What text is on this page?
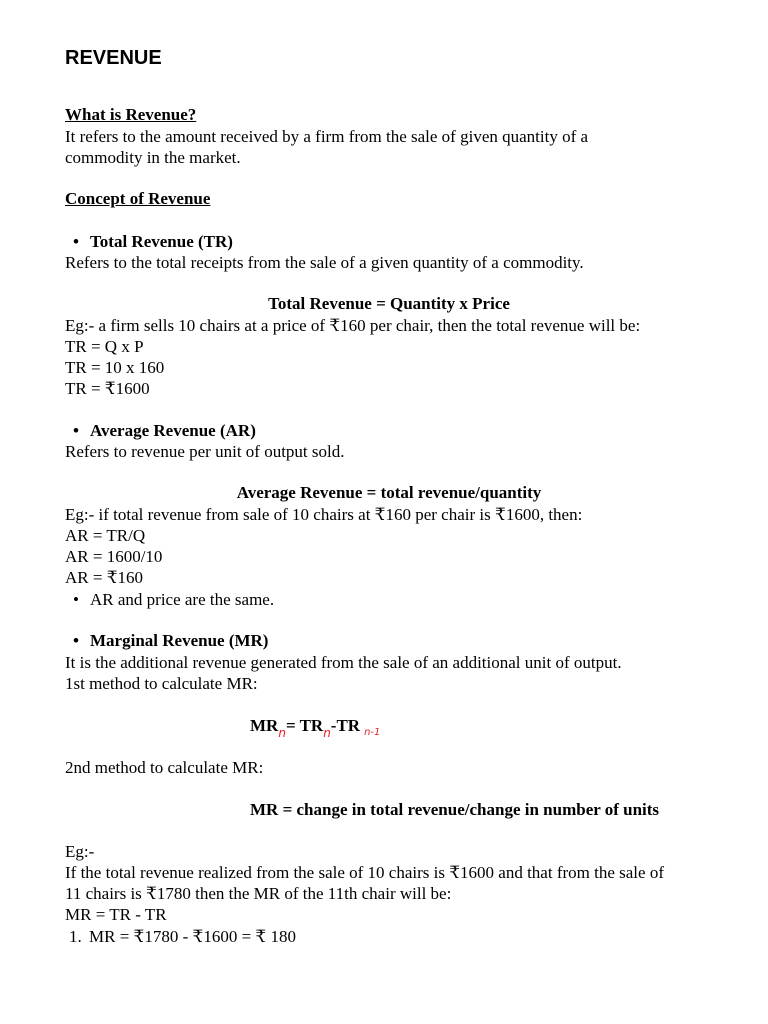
REVENUE
What is Revenue?
It refers to the amount received by a firm from the sale of given quantity of a
commodity in the market.
Concept of Revenue
• Total Revenue (TR)
Refers to the total receipts from the sale of a given quantity of a commodity.
Total Revenue = Quantity x Price
Eg:- a firm sells 10 chairs at a price of ₹160 per chair, then the total revenue will be:
TR = Q x P
TR = 10 x 160
TR = ₹1600
• Average Revenue (AR)
Refers to revenue per unit of output sold.
Average Revenue = total revenue/quantity
Eg:- if total revenue from sale of 10 chairs at ₹160 per chair is ₹1600, then:
AR = TR/Q
AR = 1600/10
AR = ₹160
• AR and price are the same.
• Marginal Revenue (MR)
It is the additional revenue generated from the sale of an additional unit of output.
1st method to calculate MR:
$MR_n= TR_n-TR$ $_{n-1}$
2nd method to calculate MR:
MR = change in total revenue/change in number of units
Eg:-
If the total revenue realized from the sale of 10 chairs is ₹1600 and that from the sale of
11 chairs is ₹1780 then the MR of the 11th chair will be:
MR = TR - TR
1. MR = ₹1780 - ₹1600 = ₹ 180
